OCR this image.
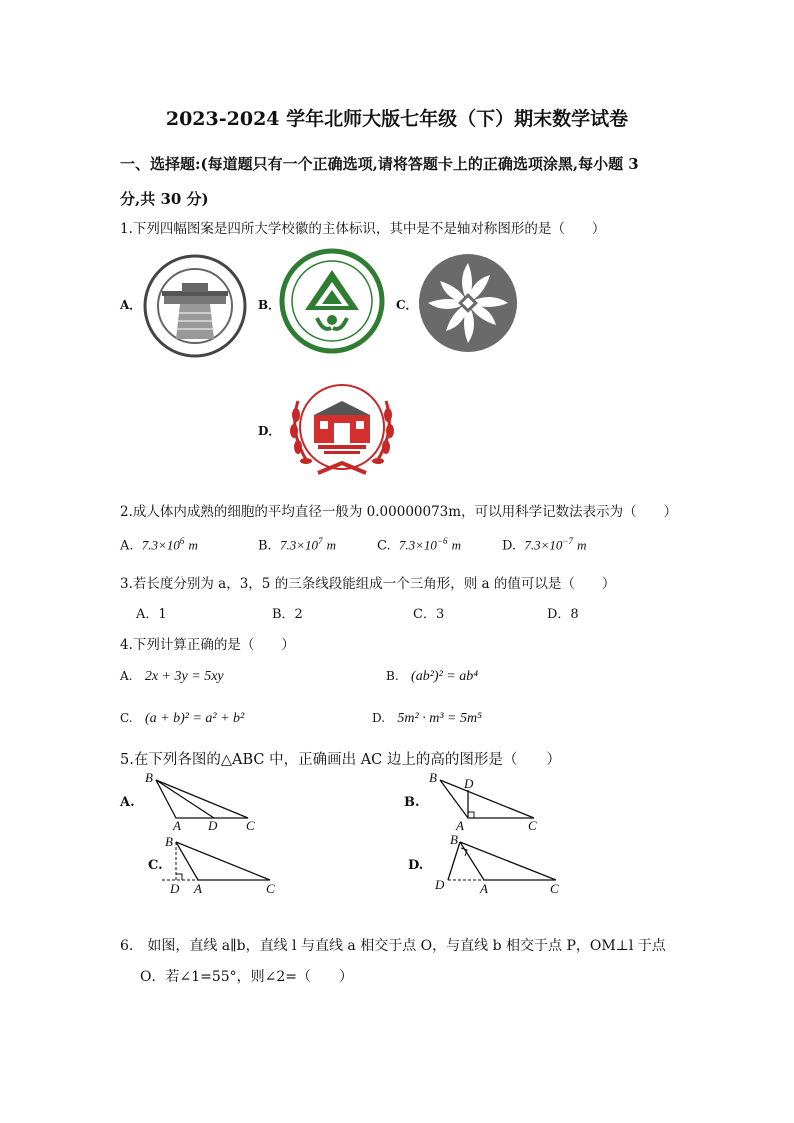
2023-2024 学年北师大版七年级（下）期末数学试卷
一、选择题:(每道题只有一个正确选项,请将答题卡上的正确选项涂黑,每小题 3
分,共 30 分)
1.下列四幅图案是四所大学校徽的主体标识，其中是不是轴对称图形的是（　　）
A．	B．	C．
D．
2.成人体内成熟的细胞的平均直径一般为 0.00000073m，可以用科学记数法表示为（　　）
A. $7.3\times 10^6$ m	B. $7.3\times 10^7$ m	C. $7.3\times 10^{-6}$ m	D. $7.3\times 10^{-7}$ m
3.若长度分别为 a，3，5 的三条线段能组成一个三角形，则 a 的值可以是（　　）
A．1	B．2	C．3	D．8
4.下列计算正确的是（　　）
A. 2x + 3y = 5xy	B. (ab²)² = ab⁴
C. (a + b)² = a² + b²	D. 5m² · m³ = 5m⁵
5.在下列各图的△ABC 中，正确画出 AC 边上的高的图形是（　　）
A.
B
A D C
B.
B D
A	C
C.
B
D A	C
D.
B
D	A	C
6.　如图，直线 a∥b，直线 l 与直线 a 相交于点 O，与直线 b 相交于点 P，OM⊥l 于点
O．若∠1=55°，则∠2=（　　）
